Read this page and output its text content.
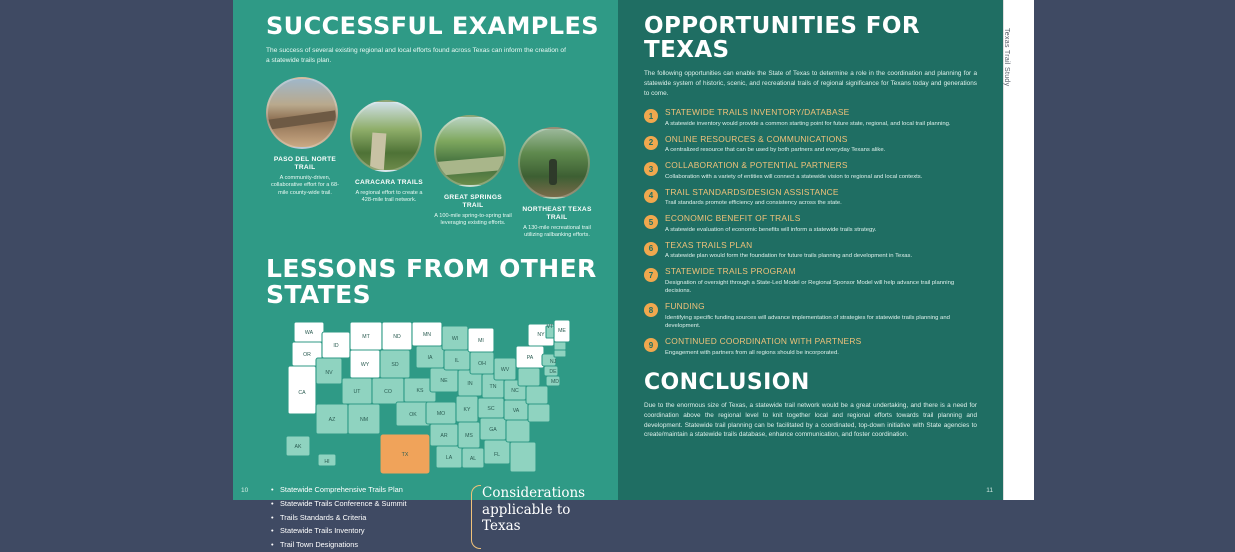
SUCCESSFUL EXAMPLES

The success of several existing regional and local efforts found across Texas can inform the creation of a statewide trails plan.

PASO DEL NORTE TRAIL
A community-driven, collaborative effort for a 68-mile county-wide trail.
CARACARA TRAILS
A regional effort to create a 428-mile trail network.	GREAT SPRINGS TRAIL
A 100-mile spring-to-spring trail leveraging existing efforts.
NORTHEAST TEXAS TRAIL
A 130-mile recreational trail utilizing railbanking efforts.
LESSONS FROM OTHER STATES
WA
OR
CA
NV
ID
MT
WY
UT
AZ	NM
CO
SD
ND
KS
OK
TX
MN
IA
NE
MO
AR
LA
WI
IL
IN
KY
MS
AL
MI
OH
TN
SC
GA
FL
WV
NC
VA
PA
NY
ME
VT
NJ
DE
MD
AK
HI
• Statewide Comprehensive Trails Plan
• Statewide Trails Conference & Summit
• Trails Standards & Criteria
• Statewide Trails Inventory
• Trail Town Designations
Considerations applicable to Texas
10
OPPORTUNITIES FOR TEXAS

The following opportunities can enable the State of Texas to determine a role in the coordination and planning for a statewide system of historic, scenic, and recreational trails of regional significance for Texans today and generations to come.

1	STATEWIDE TRAILS INVENTORY/DATABASE
A statewide inventory would provide a common starting point for future state, regional, and local trail planning.
2	ONLINE RESOURCES & COMMUNICATIONS
A centralized resource that can be used by both partners and everyday Texans alike.
3	COLLABORATION & POTENTIAL PARTNERS
Collaboration with a variety of entities will connect a statewide vision to regional and local contexts.
4	TRAIL STANDARDS/DESIGN ASSISTANCE
Trail standards promote efficiency and consistency across the state.
5	ECONOMIC BENEFIT OF TRAILS
A statewide evaluation of economic benefits will inform a statewide trails strategy.
6	TEXAS TRAILS PLAN
A statewide plan would form the foundation for future trails planning and development in Texas.
7	STATEWIDE TRAILS PROGRAM
Designation of oversight through a State-Led Model or Regional Sponsor Model will help advance trail planning decisions.
8	FUNDING
Identifying specific funding sources will advance implementation of strategies for statewide trails planning and development.
9	CONTINUED COORDINATION WITH PARTNERS
Engagement with partners from all regions should be incorporated.
CONCLUSION

Due to the enormous size of Texas, a statewide trail network would be a great undertaking, and there is a need for coordination above the regional level to knit together local and regional efforts towards trail planning and development. Statewide trail planning can be facilitated by a coordinated, top-down initiative with State agencies to create/maintain a statewide trails database, enhance communication, and foster coordination.

11
Texas Trail Study
